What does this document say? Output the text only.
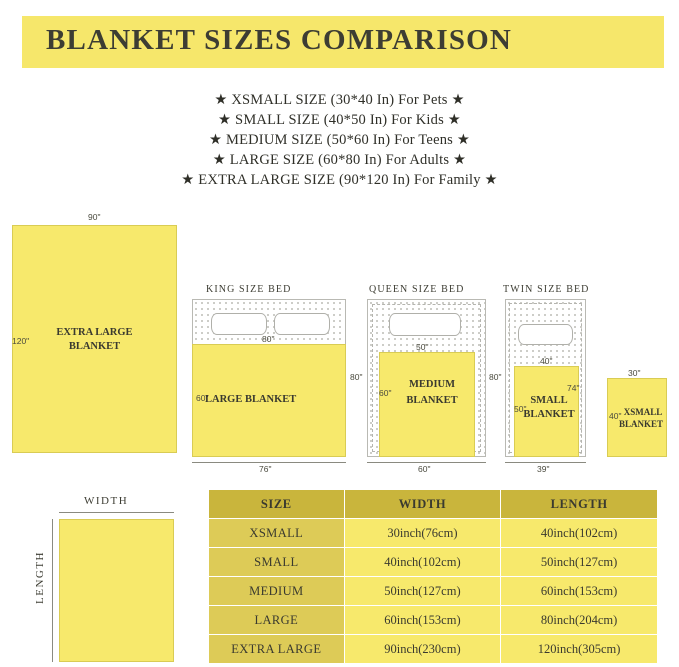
BLANKET SIZES COMPARISON
★ XSMALL SIZE (30*40 In) For Pets ★
★ SMALL SIZE (40*50 In) For Kids ★
★ MEDIUM SIZE (50*60 In) For Teens ★
★ LARGE SIZE (60*80 In) For Adults ★
★ EXTRA LARGE SIZE (90*120 In) For Family ★
90"
120"
EXTRA LARGE
BLANKET
KING SIZE BED
80"
60"
LARGE BLANKET
76"
80"
QUEEN SIZE BED
50"
60"
MEDIUM
BLANKET
60"
80"
TWIN SIZE BED
40"
50"
SMALL
BLANKET
39"
74"
30"
40" XSMALL
BLANKET
WIDTH
LENGTH
SIZE	WIDTH	LENGTH
XSMALL	30inch(76cm)	40inch(102cm)
SMALL	40inch(102cm)	50inch(127cm)
MEDIUM	50inch(127cm)	60inch(153cm)
LARGE	60inch(153cm)	80inch(204cm)
EXTRA LARGE	90inch(230cm)	120inch(305cm)
